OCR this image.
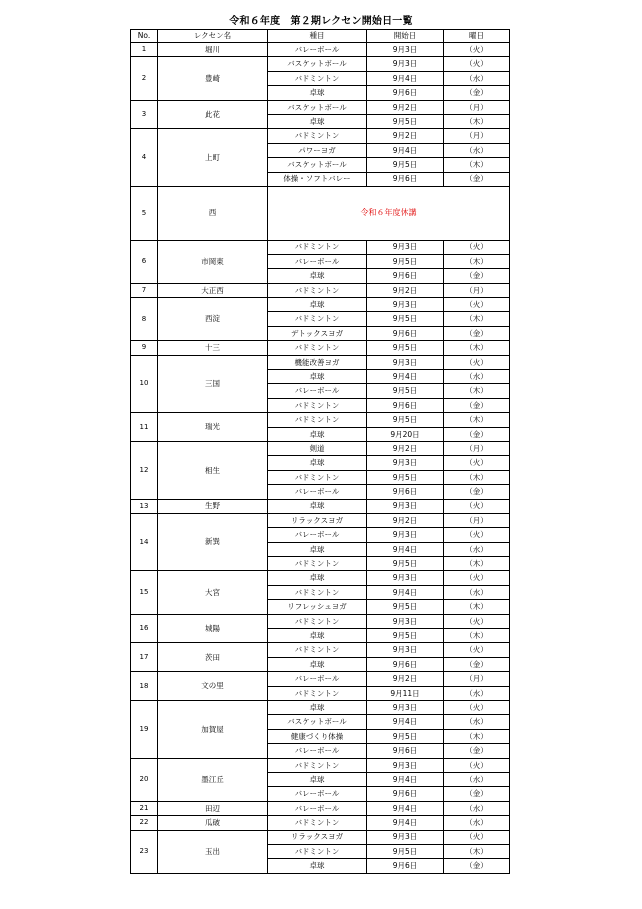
令和６年度　第２期レクセン開始日一覧
No.	レクセン名	種目	開始日	曜日
1	堀川	バレーボール	9月3日	（火）
2	豊崎	バスケットボール	9月3日	（火）
		バドミントン	9月4日	（水）
		卓球	9月6日	（金）
3	此花	バスケットボール	9月2日	（月）
		卓球	9月5日	（木）
4	上町	バドミントン	9月2日	（月）
		パワーヨガ	9月4日	（水）
		バスケットボール	9月5日	（木）
		体操・ソフトバレー	9月6日	（金）
5	西	令和６年度休講		
6	市岡東	バドミントン	9月3日	（火）
		バレーボール	9月5日	（木）
		卓球	9月6日	（金）
7	大正西	バドミントン	9月2日	（月）
8	西淀	卓球	9月3日	（火）
		バドミントン	9月5日	（木）
		デトックスヨガ	9月6日	（金）
9	十三	バドミントン	9月5日	（木）
10	三国	機能改善ヨガ	9月3日	（火）
		卓球	9月4日	（水）
		バレーボール	9月5日	（木）
		バドミントン	9月6日	（金）
11	瑞光	バドミントン	9月5日	（木）
		卓球	9月20日	（金）
12	相生	剣道	9月2日	（月）
		卓球	9月3日	（火）
		バドミントン	9月5日	（木）
		バレーボール	9月6日	（金）
13	生野	卓球	9月3日	（火）
14	新巽	リラックスヨガ	9月2日	（月）
		バレーボール	9月3日	（火）
		卓球	9月4日	（水）
		バドミントン	9月5日	（木）
15	大宮	卓球	9月3日	（火）
		バドミントン	9月4日	（水）
		リフレッシュヨガ	9月5日	（木）
16	城陽	バドミントン	9月3日	（火）
		卓球	9月5日	（木）
17	茨田	バドミントン	9月3日	（火）
		卓球	9月6日	（金）
18	文の里	バレーボール	9月2日	（月）
		バドミントン	9月11日	（水）
19	加賀屋	卓球	9月3日	（火）
		バスケットボール	9月4日	（水）
		健康づくり体操	9月5日	（木）
		バレーボール	9月6日	（金）
20	墨江丘	バドミントン	9月3日	（火）
		卓球	9月4日	（水）
		バレーボール	9月6日	（金）
21	田辺	バレーボール	9月4日	（水）
22	瓜破	バドミントン	9月4日	（水）
23	玉出	リラックスヨガ	9月3日	（火）
		バドミントン	9月5日	（木）
		卓球	9月6日	（金）
